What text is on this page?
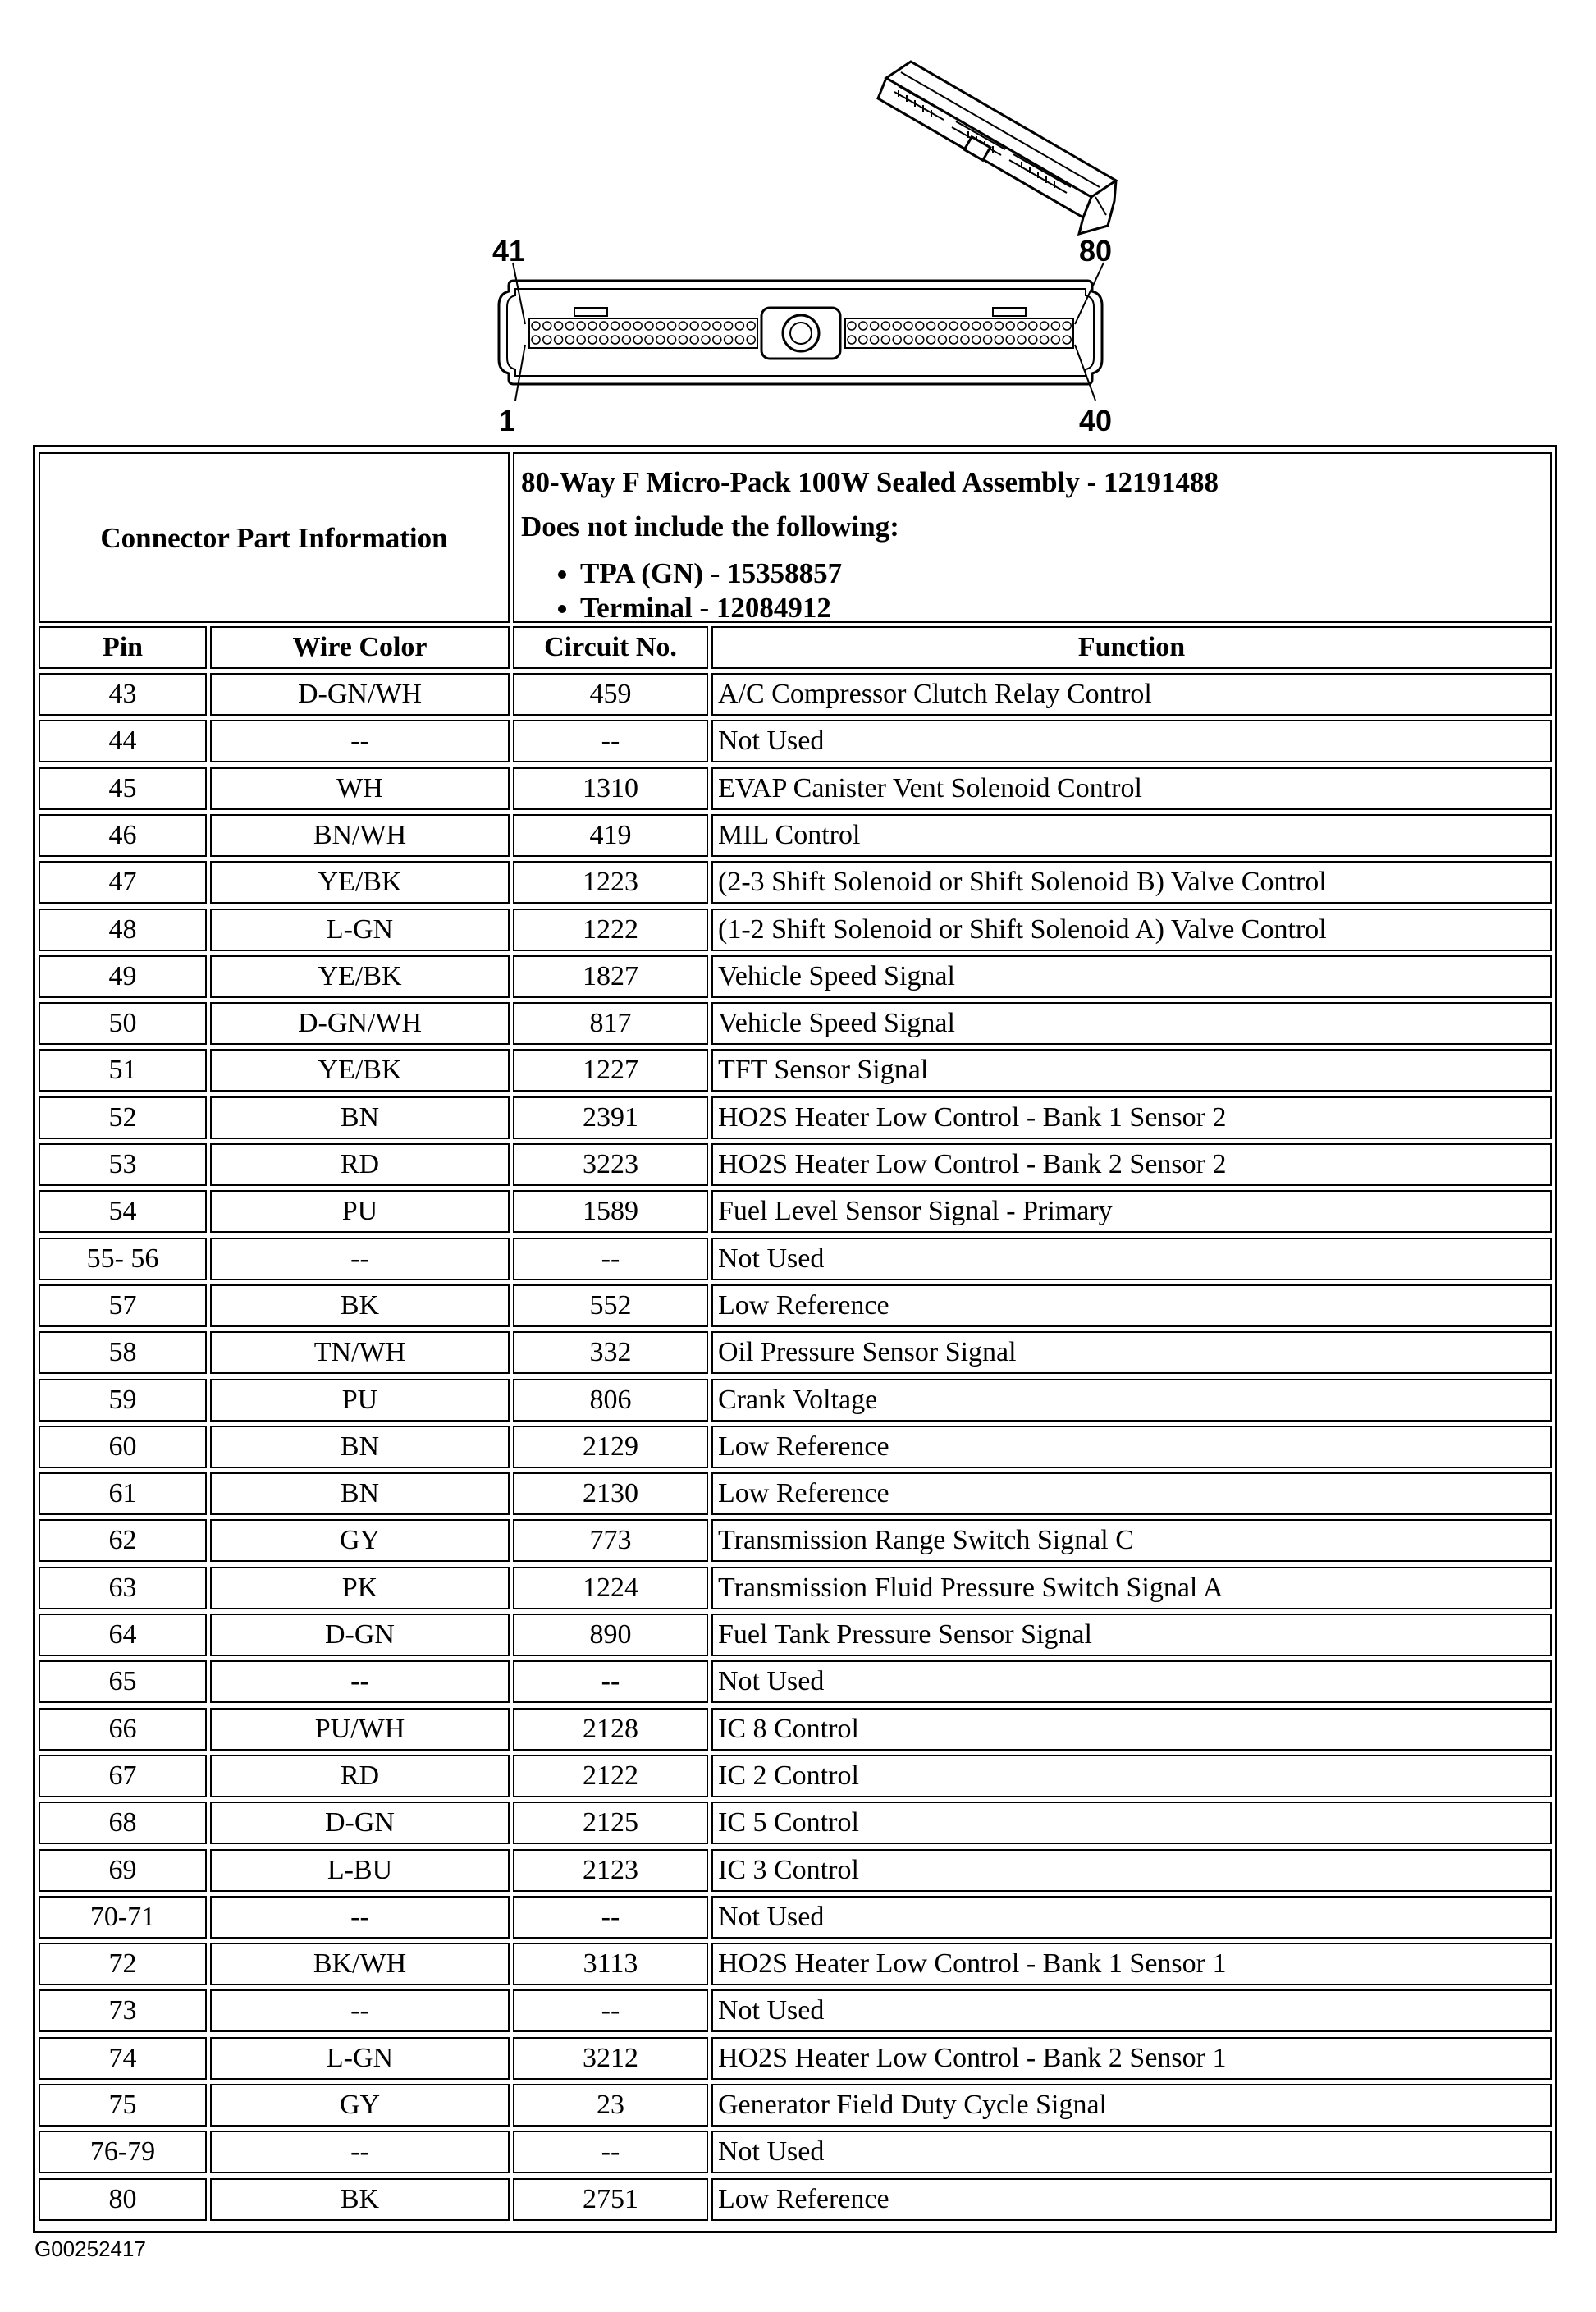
41	80
1	40
Connector Part Information
80-Way F Micro-Pack 100W Sealed Assembly - 12191488
Does not include the following:
• TPA (GN) - 15358857
• Terminal - 12084912
Pin	Wire Color	Circuit No.	Function
43	D-GN/WH	459	A/C Compressor Clutch Relay Control
44	--	--	Not Used
45	WH	1310	EVAP Canister Vent Solenoid Control
46	BN/WH	419	MIL Control
47	YE/BK	1223	(2-3 Shift Solenoid or Shift Solenoid B) Valve Control
48	L-GN	1222	(1-2 Shift Solenoid or Shift Solenoid A) Valve Control
49	YE/BK	1827	Vehicle Speed Signal
50	D-GN/WH	817	Vehicle Speed Signal
51	YE/BK	1227	TFT Sensor Signal
52	BN	2391	HO2S Heater Low Control - Bank 1 Sensor 2
53	RD	3223	HO2S Heater Low Control - Bank 2 Sensor 2
54	PU	1589	Fuel Level Sensor Signal - Primary
55- 56	--	--	Not Used
57	BK	552	Low Reference
58	TN/WH	332	Oil Pressure Sensor Signal
59	PU	806	Crank Voltage
60	BN	2129	Low Reference
61	BN	2130	Low Reference
62	GY	773	Transmission Range Switch Signal C
63	PK	1224	Transmission Fluid Pressure Switch Signal A
64	D-GN	890	Fuel Tank Pressure Sensor Signal
65	--	--	Not Used
66	PU/WH	2128	IC 8 Control
67	RD	2122	IC 2 Control
68	D-GN	2125	IC 5 Control
69	L-BU	2123	IC 3 Control
70-71	--	--	Not Used
72	BK/WH	3113	HO2S Heater Low Control - Bank 1 Sensor 1
73	--	--	Not Used
74	L-GN	3212	HO2S Heater Low Control - Bank 2 Sensor 1
75	GY	23	Generator Field Duty Cycle Signal
76-79	--	--	Not Used
80	BK	2751	Low Reference
G00252417
